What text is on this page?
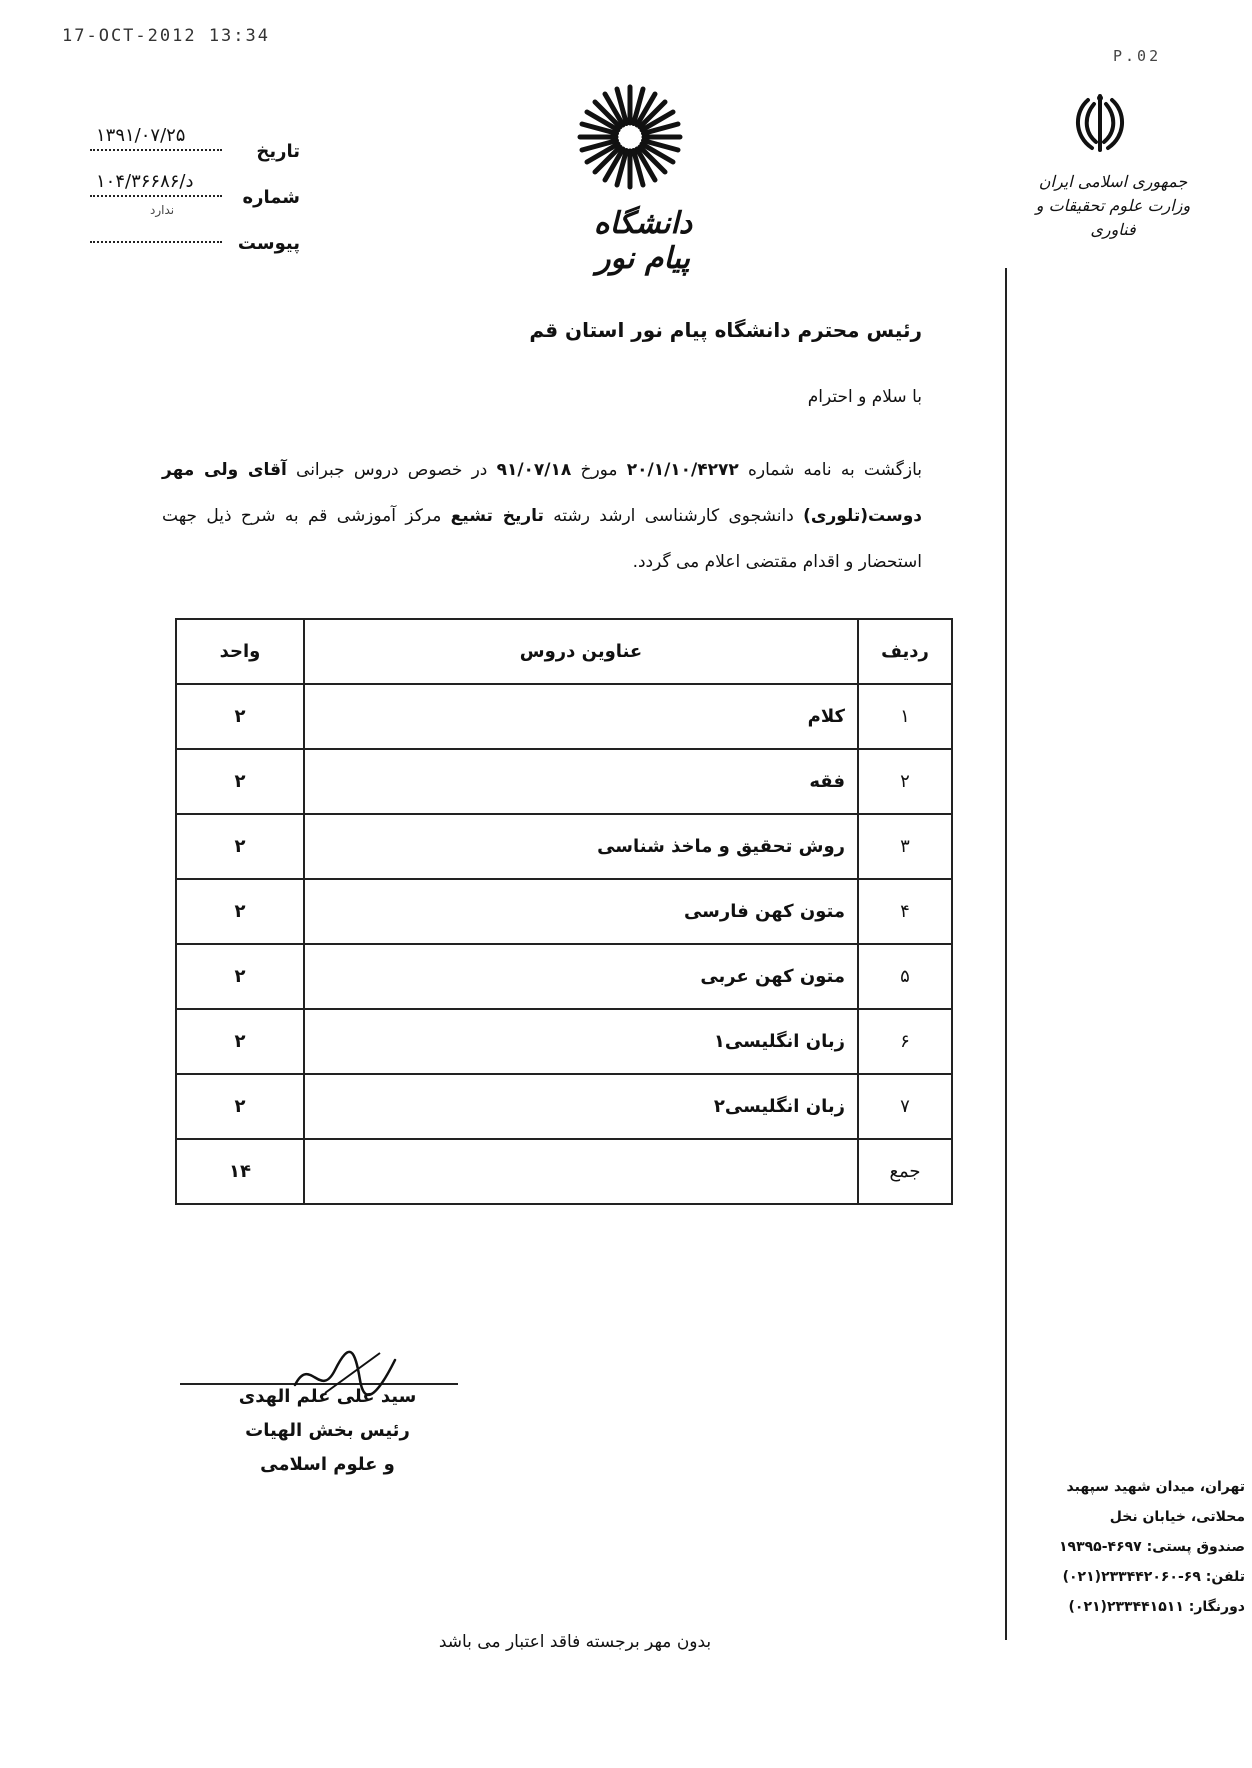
17-OCT-2012 13:34
P.02
تاریخ
۱۳۹۱/۰۷/۲۵
شماره
د/۱۰۴/۳۶۶۸۶
ندارد
پیوست
دانشگاه پیام نور
جمهوری اسلامی ایران
وزارت علوم تحقیقات و فناوری
رئیس محترم دانشگاه پیام نور استان قم
با سلام و احترام
بازگشت به نامه شماره ۲۰/۱/۱۰/۴۲۷۲ مورخ ۹۱/۰۷/۱۸ در خصوص دروس جبرانی آقای ولی مهر دوست(تلوری) دانشجوی کارشناسی ارشد رشته تاریخ تشیع مرکز آموزشی قم به شرح ذیل جهت استحضار و اقدام مقتضی اعلام می گردد.
ردیف	عناوین دروس	واحد
۱	کلام	۲
۲	فقه	۲
۳	روش تحقیق و ماخذ شناسی	۲
۴	متون کهن فارسی	۲
۵	متون کهن عربی	۲
۶	زبان انگلیسی۱	۲
۷	زبان انگلیسی۲	۲
جمع		۱۴
سید علی علم الهدی
رئیس بخش الهیات
و علوم اسلامی
بدون مهر برجسته فاقد اعتبار می باشد
تهران، میدان شهید سپهبد محلاتی، خیابان نخل
صندوق پستی: ۴۶۹۷-۱۹۳۹۵
تلفن: ۶۹-۲۳۳۴۴۲۰۶۰(۰۲۱)
دورنگار: ۲۳۳۴۴۱۵۱۱(۰۲۱)
